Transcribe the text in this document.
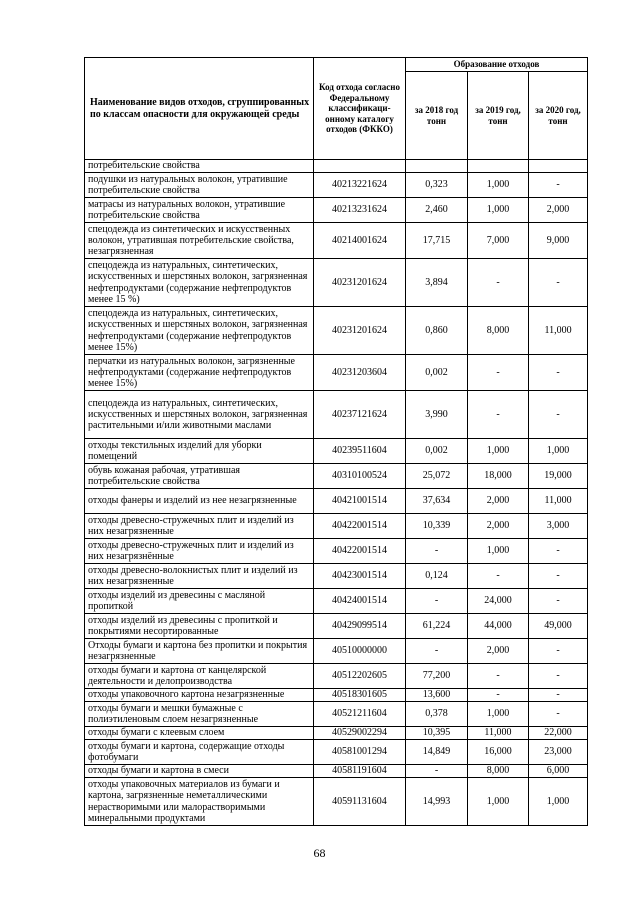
Наименование видов отходов, сгруппированных по классам опасности для окружающей среды	Код отхода согласно Федеральному классификаци-онному каталогу отходов (ФККО)	Образование отходов		
		за 2018 год тонн	за 2019 год, тонн	за 2020 год, тонн
потребительские свойства				
подушки из натуральных волокон, утратившие потребительские свойства	40213221624	0,323	1,000	-
матрасы из натуральных волокон, утратившие потребительские свойства	40213231624	2,460	1,000	2,000
спецодежда из синтетических и искусственных волокон, утратившая потребительские свойства, незагрязненная	40214001624	17,715	7,000	9,000
спецодежда из натуральных, синтетических, искусственных и шерстяных волокон, загрязненная нефтепродуктами (содержание нефтепродуктов менее 15 %)	40231201624	3,894	-	-
спецодежда из натуральных, синтетических, искусственных и шерстяных волокон, загрязненная нефтепродуктами (содержание нефтепродуктов менее 15%)	40231201624	0,860	8,000	11,000
перчатки из натуральных волокон, загрязненные нефтепродуктами (содержание нефтепродуктов менее 15%)	40231203604	0,002	-	-
спецодежда из натуральных, синтетических, искусственных и шерстяных волокон, загрязненная растительными и/или животными маслами	40237121624	3,990	-	-
отходы текстильных изделий для уборки помещений	40239511604	0,002	1,000	1,000
обувь кожаная рабочая, утратившая потребительские свойства	40310100524	25,072	18,000	19,000
отходы фанеры и изделий из нее незагрязненные	40421001514	37,634	2,000	11,000
отходы древесно-стружечных плит и изделий из них незагрязненные	40422001514	10,339	2,000	3,000
отходы древесно-стружечных плит и изделий из них незагрязнённые	40422001514	-	1,000	-
отходы древесно-волокнистых плит и изделий из них незагрязненные	40423001514	0,124	-	-
отходы изделий из древесины с масляной пропиткой	40424001514	-	24,000	-
отходы изделий из древесины с пропиткой и покрытиями несортированные	40429099514	61,224	44,000	49,000
Отходы бумаги и картона без пропитки и покрытия незагрязненные	40510000000	-	2,000	-
отходы бумаги и картона от канцелярской деятельности и делопроизводства	40512202605	77,200	-	-
отходы упаковочного картона незагрязненные	40518301605	13,600	-	-
отходы бумаги и мешки бумажные с полиэтиленовым слоем незагрязненные	40521211604	0,378	1,000	-
отходы бумаги с клеевым слоем	40529002294	10,395	11,000	22,000
отходы бумаги и картона, содержащие отходы фотобумаги	40581001294	14,849	16,000	23,000
отходы бумаги и картона в смеси	40581191604	-	8,000	6,000
отходы упаковочных материалов из бумаги и картона, загрязненные неметаллическими нерастворимыми или малорастворимыми минеральными продуктами	40591131604	14,993	1,000	1,000
68
